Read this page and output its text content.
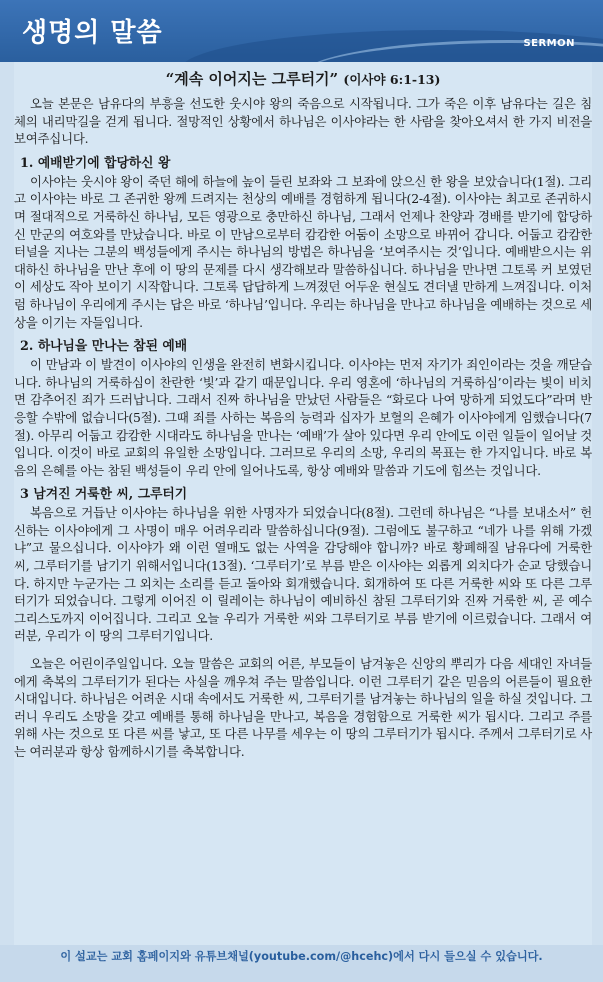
생명의 말씀	SERMON
“계속 이어지는 그루터기” (이사야 6:1-13)

오늘 본문은 남유다의 부흥을 선도한 웃시야 왕의 죽음으로 시작됩니다. 그가 죽은 이후 남유다는 길은 침체의 내리막길을 걷게 됩니다. 절망적인 상황에서 하나님은 이사야라는 한 사람을 찾아오셔서 한 가지 비전을 보여주십니다.

1. 예배받기에 합당하신 왕

이사야는 웃시야 왕이 죽던 해에 하늘에 높이 들린 보좌와 그 보좌에 앉으신 한 왕을 보았습니다(1절). 그리고 이사야는 바로 그 존귀한 왕께 드려지는 천상의 예배를 경험하게 됩니다(2-4절). 이사야는 최고로 존귀하시며 절대적으로 거룩하신 하나님, 모든 영광으로 충만하신 하나님, 그래서 언제나 찬양과 경배를 받기에 합당하신 만군의 여호와를 만났습니다. 바로 이 만남으로부터 캄캄한 어둠이 소망으로 바뀌어 갑니다. 어둡고 캄캄한 터널을 지나는 그분의 백성들에게 주시는 하나님의 방법은 하나님을 ‘보여주시는 것’입니다. 예배받으시는 위대하신 하나님을 만난 후에 이 땅의 문제를 다시 생각해보라 말씀하십니다. 하나님을 만나면 그토록 커 보였던 이 세상도 작아 보이기 시작합니다. 그토록 답답하게 느껴졌던 어두운 현실도 견더낼 만하게 느껴집니다. 이처럼 하나님이 우리에게 주시는 답은 바로 ‘하나님’입니다. 우리는 하나님을 만나고 하나님을 예배하는 것으로 세상을 이기는 자들입니다.

2. 하나님을 만나는 참된 예배

이 만남과 이 발견이 이사야의 인생을 완전히 변화시킵니다. 이사야는 먼저 자기가 죄인이라는 것을 깨닫습니다. 하나님의 거룩하심이 찬란한 ‘빛’과 같기 때문입니다. 우리 영혼에 ‘하나님의 거룩하심’이라는 빛이 비치면 감추어진 죄가 드러납니다. 그래서 진짜 하나님을 만났던 사람들은 “화로다 나여 망하게 되었도다”라며 반응할 수밖에 없습니다(5절). 그때 죄를 사하는 복음의 능력과 십자가 보혈의 은혜가 이사야에게 임했습니다(7절). 아무리 어둡고 캄캄한 시대라도 하나님을 만나는 ‘예배’가 살아 있다면 우리 안에도 이런 일들이 일어날 것입니다. 이것이 바로 교회의 유일한 소망입니다. 그러므로 우리의 소망, 우리의 목표는 한 가지입니다. 바로 복음의 은혜를 아는 참된 백성들이 우리 안에 일어나도록, 항상 예배와 말씀과 기도에 힘쓰는 것입니다.

3 남겨진 거룩한 씨, 그루터기

복음으로 거듭난 이사야는 하나님을 위한 사명자가 되었습니다(8절). 그런데 하나님은 “나를 보내소서” 헌신하는 이사야에게 그 사명이 매우 어려우리라 말씀하십니다(9절). 그럼에도 불구하고 “네가 나를 위해 가겠냐”고 물으십니다. 이사야가 왜 이런 열매도 없는 사역을 감당해야 합니까? 바로 황폐해질 남유다에 거룩한 씨, 그루터기를 남기기 위해서입니다(13절). ‘그루터기’로 부름 받은 이사야는 외롭게 외치다가 순교 당했습니다. 하지만 누군가는 그 외치는 소리를 듣고 돌아와 회개했습니다. 회개하여 또 다른 거룩한 씨와 또 다른 그루터기가 되었습니다. 그렇게 이어진 이 릴레이는 하나님이 예비하신 참된 그루터기와 진짜 거룩한 씨, 곧 예수 그리스도까지 이어집니다. 그리고 오늘 우리가 거룩한 씨와 그루터기로 부름 받기에 이르렀습니다. 그래서 여러분, 우리가 이 땅의 그루터기입니다.

오늘은 어린이주일입니다. 오늘 말씀은 교회의 어른, 부모들이 남겨놓은 신앙의 뿌리가 다음 세대인 자녀들에게 축복의 그루터기가 된다는 사실을 깨우쳐 주는 말씀입니다. 이런 그루터기 같은 믿음의 어른들이 필요한 시대입니다. 하나님은 어려운 시대 속에서도 거룩한 씨, 그루터기를 남겨놓는 하나님의 일을 하실 것입니다. 그러니 우리도 소망을 갖고 예배를 통해 하나님을 만나고, 복음을 경험함으로 거룩한 씨가 됩시다. 그리고 주를 위해 사는 것으로 또 다른 씨를 낳고, 또 다른 나무를 세우는 이 땅의 그루터기가 됩시다. 주께서 그루터기로 사는 여러분과 항상 함께하시기를 축복합니다.

이 설교는 교회 홈페이지와 유튜브채널(youtube.com/@hcehc)에서 다시 들으실 수 있습니다.
